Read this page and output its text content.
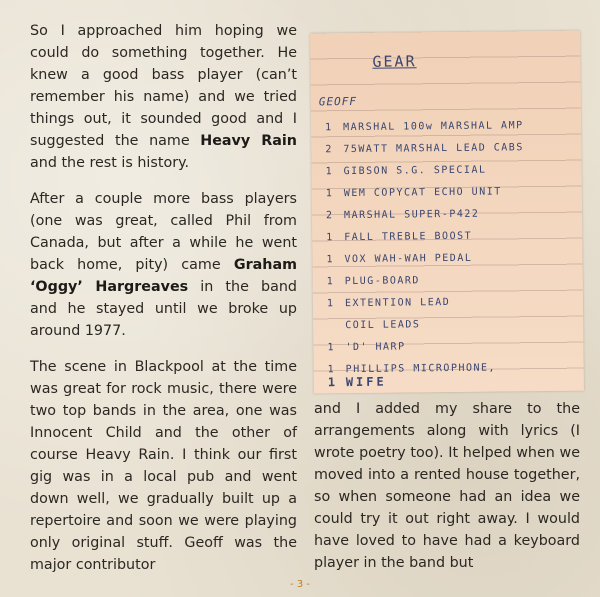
So I approached him hoping we could do something together. He knew a good bass player (can’t remember his name) and we tried things out, it sounded good and I suggested the name Heavy Rain and the rest is history.

After a couple more bass players (one was great, called Phil from Canada, but after a while he went back home, pity) came Graham ‘Oggy’ Hargreaves in the band and he stayed until we broke up around 1977.

The scene in Blackpool at the time was great for rock music, there were two top bands in the area, one was Innocent Child and the other of course Heavy Rain. I think our first gig was in a local pub and went down well, we gradually built up a repertoire and soon we were playing only original stuff. Geoff was the major contributor

GEAR
GEOFF
1 MARSHAL 100w MARSHAL AMP
2 75WATT MARSHAL LEAD CABS
1 GIBSON S.G. SPECIAL
1 WEM COPYCAT ECHO UNIT
2 MARSHAL SUPER-P422
1 FALL TREBLE BOOST
1 VOX WAH-WAH PEDAL
1 PLUG-BOARD
1 EXTENTION LEAD
COIL LEADS
1 'D' HARP
1 PHILLIPS MICROPHONE,
1 WIFE

and I added my share to the arrangements along with lyrics (I wrote poetry too). It helped when we moved into a rented house together, so when someone had an idea we could try it out right away. I would have loved to have had a keyboard player in the band but

- 3 -
